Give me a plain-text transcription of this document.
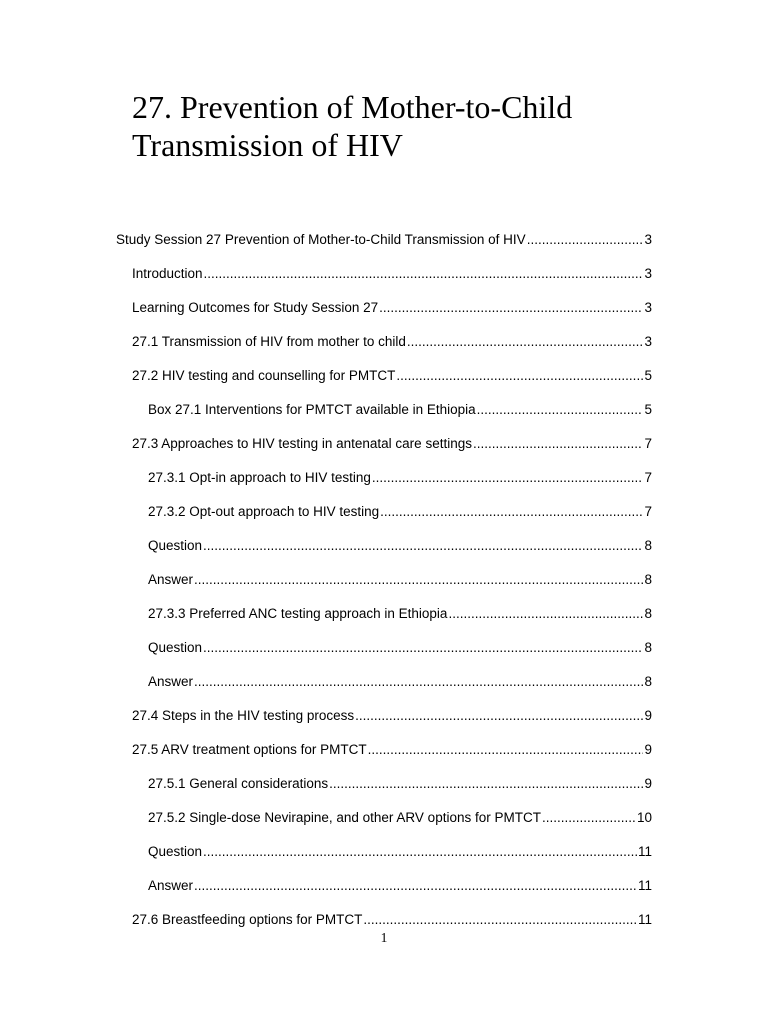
27. Prevention of Mother-to-Child
Transmission of HIV
Study Session 27 Prevention of Mother-to-Child Transmission of HIV .....	3
Introduction .....	3
Learning Outcomes for Study Session 27 .....	3
27.1 Transmission of HIV from mother to child .....	3
27.2 HIV testing and counselling for PMTCT .....	5
Box 27.1 Interventions for PMTCT available in Ethiopia .....	5
27.3 Approaches to HIV testing in antenatal care settings .....	7
27.3.1 Opt-in approach to HIV testing .....	7
27.3.2 Opt-out approach to HIV testing .....	7
Question .....	8
Answer .....	8
27.3.3 Preferred ANC testing approach in Ethiopia .....	8
Question .....	8
Answer .....	8
27.4 Steps in the HIV testing process .....	9
27.5 ARV treatment options for PMTCT .....	9
27.5.1 General considerations .....	9
27.5.2 Single-dose Nevirapine, and other ARV options for PMTCT .....	10
Question .....	11
Answer .....	11
27.6 Breastfeeding options for PMTCT .....	11
1
